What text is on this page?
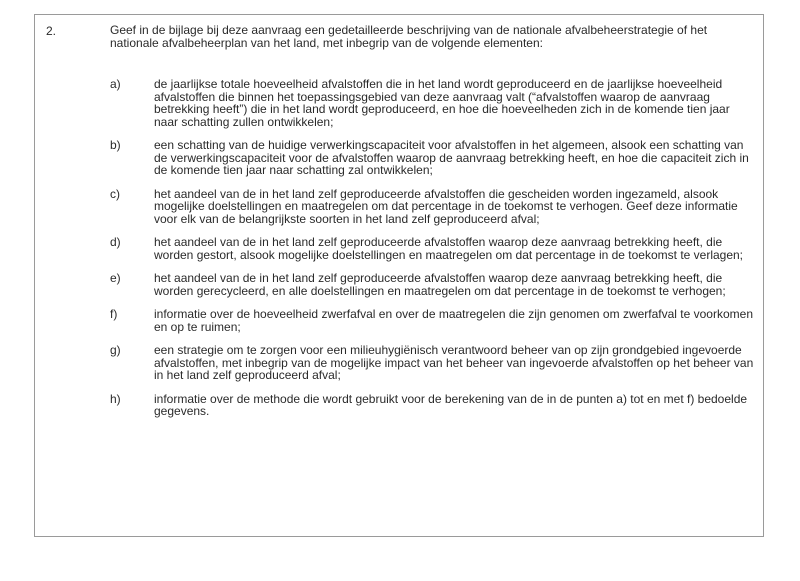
2.	Geef in de bijlage bij deze aanvraag een gedetailleerde beschrijving van de nationale afvalbeheerstrategie of het nationale afvalbeheerplan van het land, met inbegrip van de volgende elementen:

a)	de jaarlijkse totale hoeveelheid afvalstoffen die in het land wordt geproduceerd en de jaarlijkse hoeveelheid afvalstoffen die binnen het toepassingsgebied van deze aanvraag valt (“afvalstoffen waarop de aanvraag betrekking heeft”) die in het land wordt geproduceerd, en hoe die hoeveelheden zich in de komende tien jaar naar schatting zullen ontwikkelen;
b)	een schatting van de huidige verwerkingscapaciteit voor afvalstoffen in het algemeen, alsook een schatting van de verwerkingscapaciteit voor de afvalstoffen waarop de aanvraag betrekking heeft, en hoe die capaciteit zich in de komende tien jaar naar schatting zal ontwikkelen;
c)	het aandeel van de in het land zelf geproduceerde afvalstoffen die gescheiden worden ingezameld, alsook mogelijke doelstellingen en maatregelen om dat percentage in de toekomst te verhogen. Geef deze informatie voor elk van de belangrijkste soorten in het land zelf geproduceerd afval;
d)	het aandeel van de in het land zelf geproduceerde afvalstoffen waarop deze aanvraag betrekking heeft, die worden gestort, alsook mogelijke doelstellingen en maatregelen om dat percentage in de toekomst te verlagen;
e)	het aandeel van de in het land zelf geproduceerde afvalstoffen waarop deze aanvraag betrekking heeft, die worden gerecycleerd, en alle doelstellingen en maatregelen om dat percentage in de toekomst te verhogen;
f)	informatie over de hoeveelheid zwerfafval en over de maatregelen die zijn genomen om zwerfafval te voorkomen en op te ruimen;
g)	een strategie om te zorgen voor een milieuhygiënisch verantwoord beheer van op zijn grondgebied ingevoerde afvalstoffen, met inbegrip van de mogelijke impact van het beheer van ingevoerde afvalstoffen op het beheer van in het land zelf geproduceerd afval;
h)	informatie over de methode die wordt gebruikt voor de berekening van de in de punten a) tot en met f) bedoelde gegevens.
